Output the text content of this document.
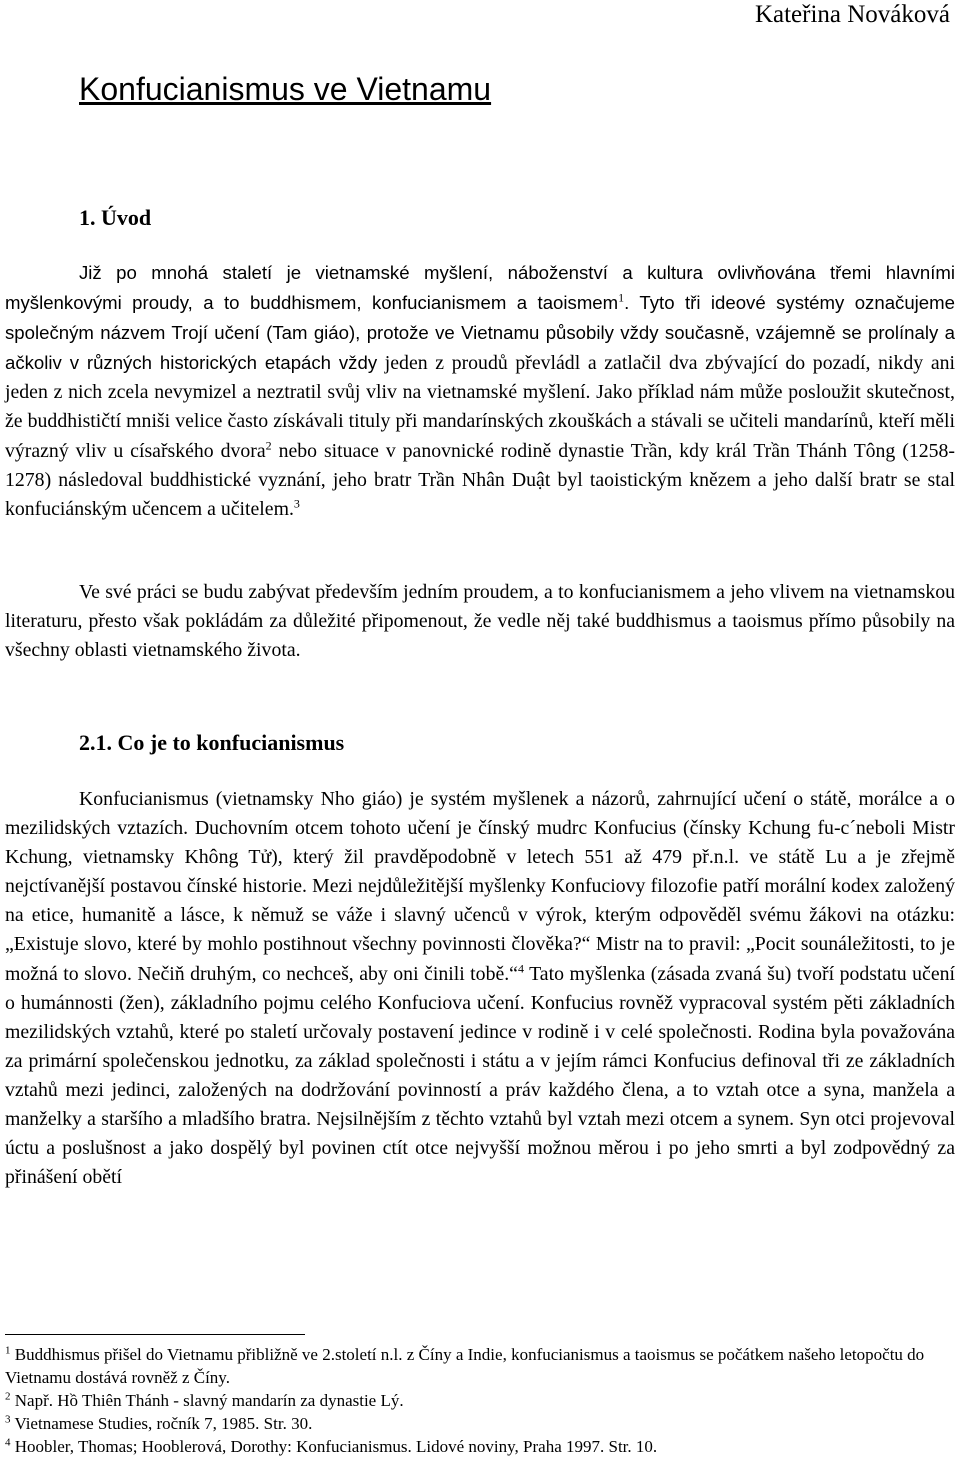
Kateřina Nováková
Konfucianismus ve Vietnamu
1. Úvod

Již po mnohá staletí je vietnamské myšlení, náboženství a kultura ovlivňována třemi hlavními myšlenkovými proudy, a to buddhismem, konfucianismem a taoismem$^1$. Tyto tři ideové systémy označujeme společným názvem Trojí učení (Tam giáo), protože ve Vietnamu působily vždy současně, vzájemně se prolínaly a ačkoliv v různých historických etapách vždy jeden z proudů převládl a zatlačil dva zbývající do pozadí, nikdy ani jeden z nich zcela nevymizel a neztratil svůj vliv na vietnamské myšlení. Jako příklad nám může posloužit skutečnost, že buddhističtí mniši velice často získávali tituly při mandarínských zkouškách a stávali se učiteli mandarínů, kteří měli výrazný vliv u císařského dvora$^2$ nebo situace v panovnické rodině dynastie Trần, kdy král Trần Thánh Tông (1258-1278) následoval buddhistické vyznání, jeho bratr Trần Nhân Duật byl taoistickým knězem a jeho další bratr se stal konfuciánským učencem a učitelem.$^3$

Ve své práci se budu zabývat především jedním proudem, a to konfucianismem a jeho vlivem na vietnamskou literaturu, přesto však pokládám za důležité připomenout, že vedle něj také buddhismus a taoismus přímo působily na všechny oblasti vietnamského života.

2.1. Co je to konfucianismus

Konfucianismus (vietnamsky Nho giáo) je systém myšlenek a názorů, zahrnující učení o státě, morálce a o mezilidských vztazích. Duchovním otcem tohoto učení je čínský mudrc Konfucius (čínsky Kchung fu-c´neboli Mistr Kchung, vietnamsky Không Tử), který žil pravděpodobně v letech 551 až 479 př.n.l. ve státě Lu a je zřejmě nejctívanější postavou čínské historie. Mezi nejdůležitější myšlenky Konfuciovy filozofie patří morální kodex založený na etice, humanitě a lásce, k němuž se váže i slavný učenců v výrok, kterým odpověděl svému žákovi na otázku: „Existuje slovo, které by mohlo postihnout všechny povinnosti člověka?“ Mistr na to pravil: „Pocit sounáležitosti, to je možná to slovo. Nečiň druhým, co nechceš, aby oni činili tobě.“$^4$ Tato myšlenka (zásada zvaná šu) tvoří podstatu učení o humánnosti (žen), základního pojmu celého Konfuciova učení. Konfucius rovněž vypracoval systém pěti základních mezilidských vztahů, které po staletí určovaly postavení jedince v rodině i v celé společnosti. Rodina byla považována za primární společenskou jednotku, za základ společnosti i státu a v jejím rámci Konfucius definoval tři ze základních vztahů mezi jedinci, založených na dodržování povinností a práv každého člena, a to vztah otce a syna, manžela a manželky a staršího a mladšího bratra. Nejsilnějším z těchto vztahů byl vztah mezi otcem a synem. Syn otci projevoval úctu a poslušnost a jako dospělý byl povinen ctít otce nejvyšší možnou měrou i po jeho smrti a byl zodpovědný za přinášení obětí

$^1$ Buddhismus přišel do Vietnamu přibližně ve 2.století n.l. z Číny a Indie, konfucianismus a taoismus se počátkem našeho letopočtu do Vietnamu dostává rovněž z Číny.

$^2$ Např. Hồ Thiên Thánh - slavný mandarín za dynastie Lý.

$^3$ Vietnamese Studies, ročník 7, 1985. Str. 30.

$^4$ Hoobler, Thomas; Hooblerová, Dorothy: Konfucianismus. Lidové noviny, Praha 1997. Str. 10.
